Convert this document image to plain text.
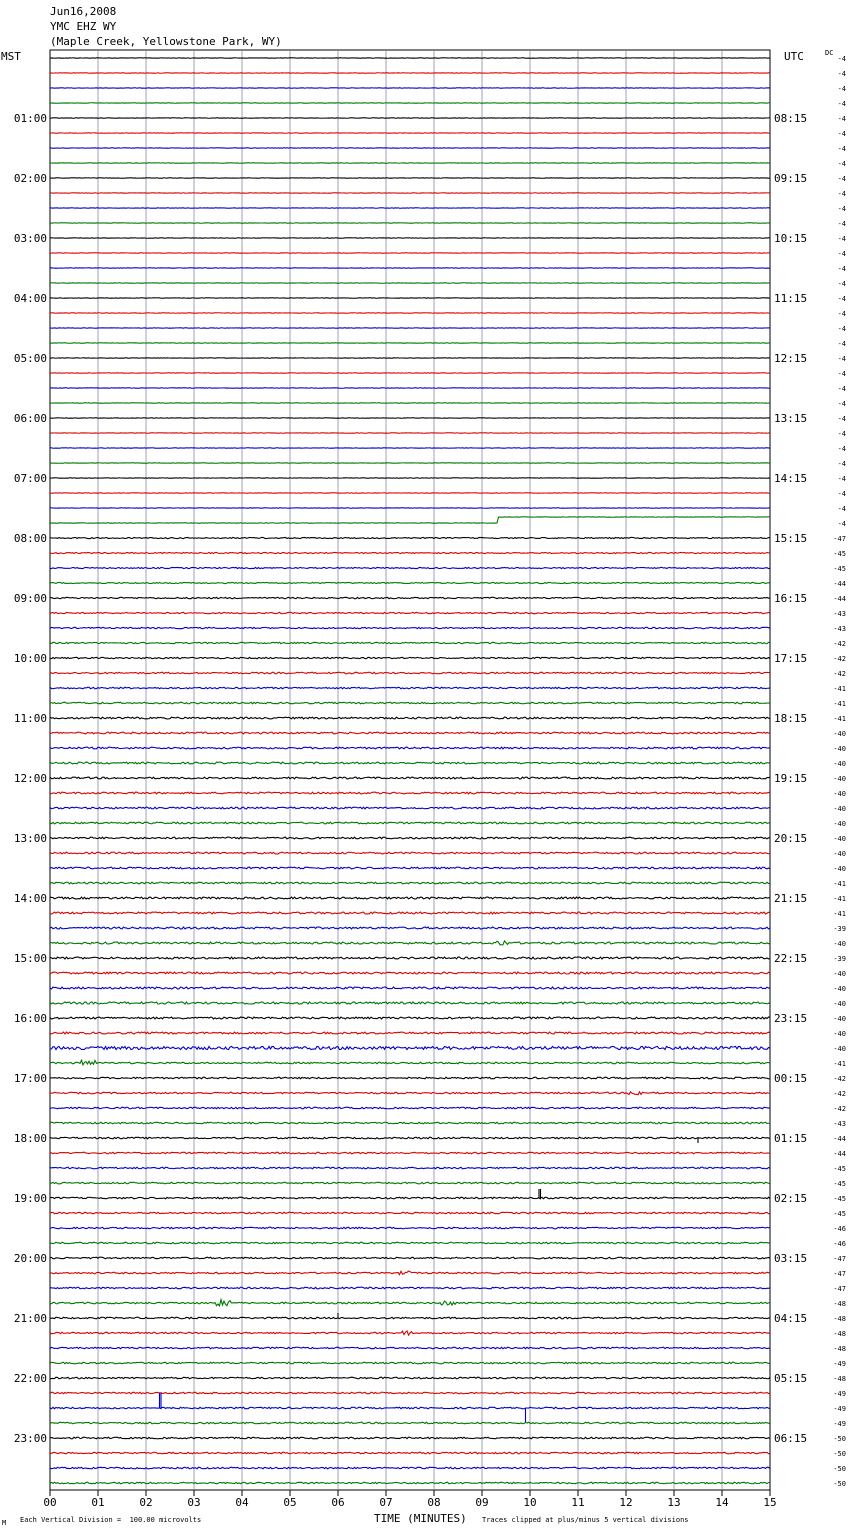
Jun16,2008
YMC EHZ WY
(Maple Creek, Yellowstone Park, WY)
MST	UTC	DC
01:00
02:00
03:00
04:00
05:00
06:00
07:00
08:00
09:00
10:00
11:00
12:00
13:00
14:00
15:00
16:00
17:00
18:00
19:00
20:00
21:00
22:00
23:00
08:15
09:15
10:15
11:15
12:15
13:15
14:15
15:15
16:15
17:15
18:15
19:15
20:15
21:15
22:15
23:15
00:15
01:15
02:15
03:15
04:15
05:15
06:15
-4
-4
-4
-4
-4
-4
-4
-4
-4
-4
-4
-4
-4
-4
-4
-4
-4
-4
-4
-4
-4
-4
-4
-4
-4
-4
-4
-4
-4
-4
-4
-4
-47
-45
-45
-44
-44
-43
-43
-42
-42
-42
-41
-41
-41
-40
-40
-40
-40
-40
-40
-40
-40
-40
-40
-41
-41
-41
-39
-40
-39
-40
-40
-40
-40
-40
-40
-41
-42
-42
-42
-43
-44
-44
-45
-45
-45
-45
-46
-46
-47
-47
-47
-48
-48
-48
-48
-49
-48
-49
-49
-49
-50
-50
-50
-50
00	01	02	03	04	05	06	07	08	09	10	11	12	13	14	15
M Each Vertical Division =  100.00 microvolts	TIME (MINUTES) Traces clipped at plus/minus 5 vertical divisions
